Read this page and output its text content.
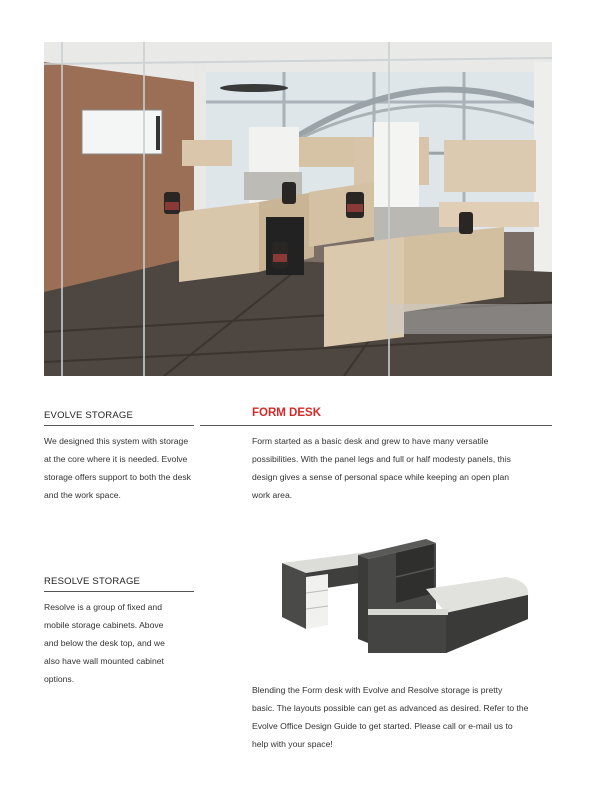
EVOLVE STORAGE
We designed this system with storage
at the core where it is needed. Evolve
storage offers support to both the desk
and the work space.
FORM DESK
Form started as a basic desk and grew to have many versatile
possibilities. With the panel legs and full or half modesty panels, this
design gives a sense of personal space while keeping an open plan
work area.
RESOLVE STORAGE
Resolve is a group of fixed and
mobile storage cabinets. Above
and below the desk top, and we
also have wall mounted cabinet
options.
Blending the Form desk with Evolve and Resolve storage is pretty
basic. The layouts possible can get as advanced as desired. Refer to the
Evolve Office Design Guide to get started. Please call or e-mail us to
help with your space!
